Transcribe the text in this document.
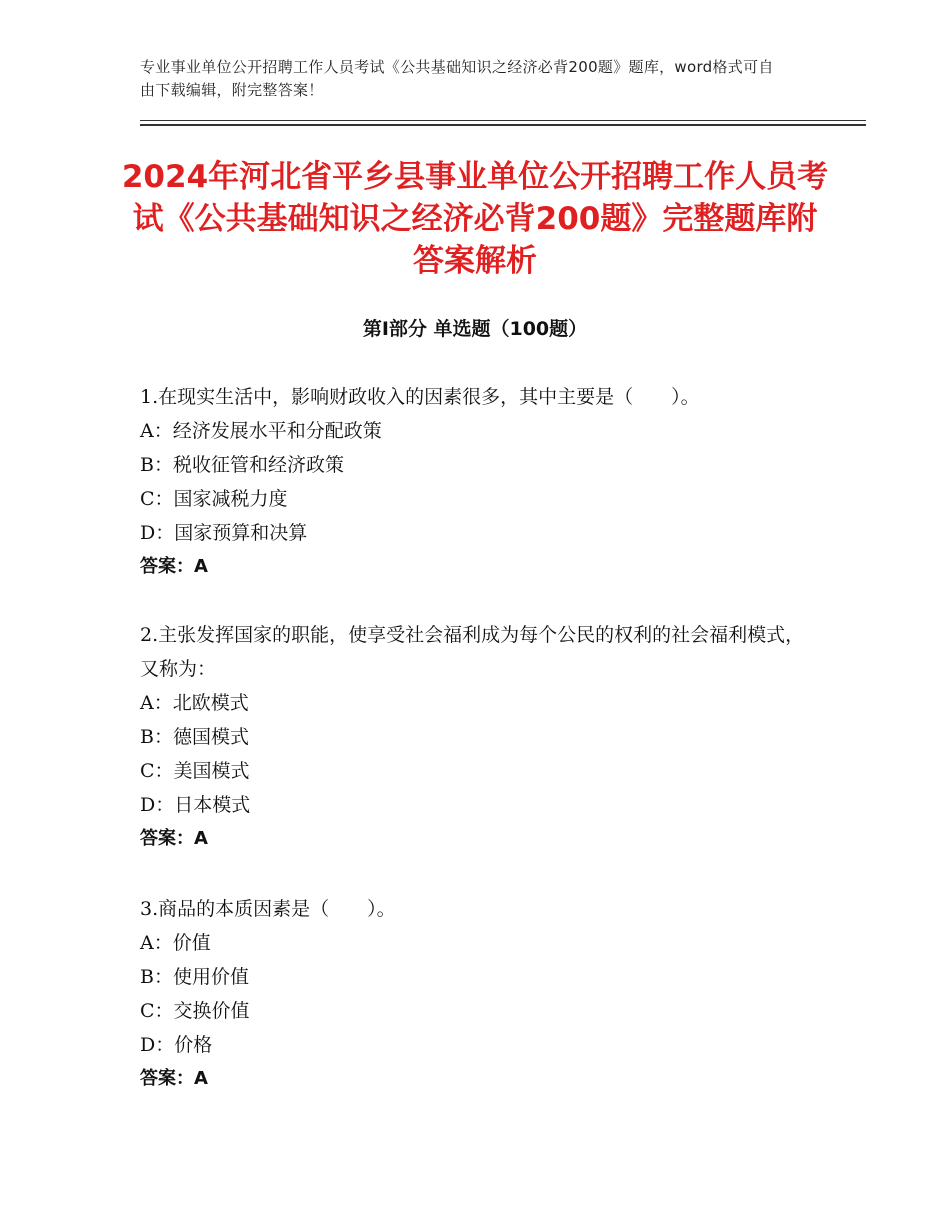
专业事业单位公开招聘工作人员考试《公共基础知识之经济必背200题》题库，word格式可自由下载编辑，附完整答案！
2024年河北省平乡县事业单位公开招聘工作人员考试《公共基础知识之经济必背200题》完整题库附答案解析
第Ⅰ部分 单选题（100题）
1.在现实生活中，影响财政收入的因素很多，其中主要是（　　）。
A：经济发展水平和分配政策
B：税收征管和经济政策
C：国家减税力度
D：国家预算和决算
答案：A
2.主张发挥国家的职能，使享受社会福利成为每个公民的权利的社会福利模式，又称为：
A：北欧模式
B：德国模式
C：美国模式
D：日本模式
答案：A
3.商品的本质因素是（　　）。
A：价值
B：使用价值
C：交换价值
D：价格
答案：A
